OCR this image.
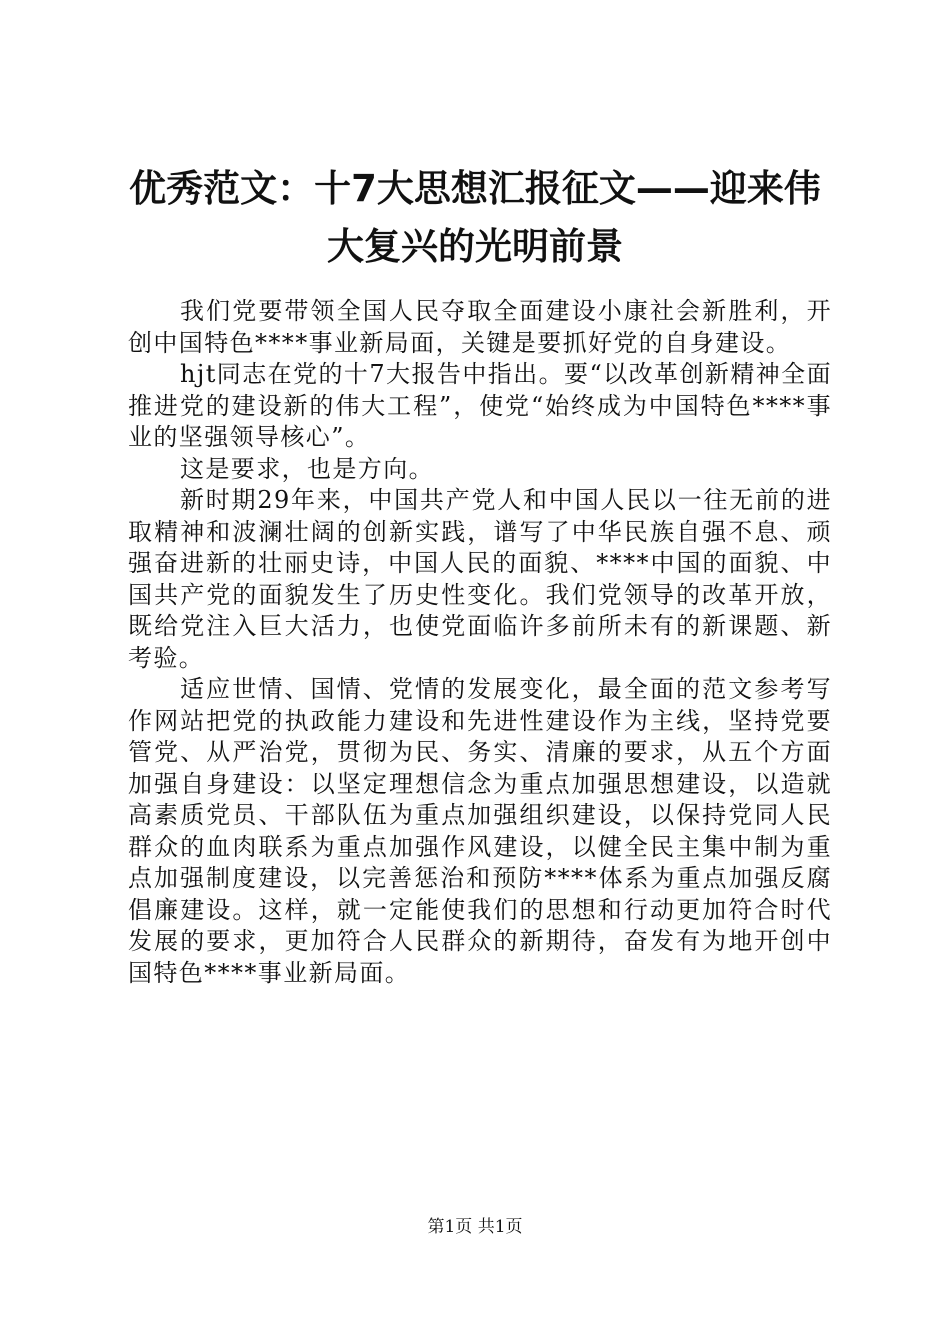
优秀范文：十7大思想汇报征文——迎来伟大复兴的光明前景

我们党要带领全国人民夺取全面建设小康社会新胜利，开创中国特色****事业新局面，关键是要抓好党的自身建设。

hjt同志在党的十7大报告中指出。要“以改革创新精神全面推进党的建设新的伟大工程”，使党“始终成为中国特色****事业的坚强领导核心”。

这是要求，也是方向。

新时期29年来，中国共产党人和中国人民以一往无前的进取精神和波澜壮阔的创新实践，谱写了中华民族自强不息、顽强奋进新的壮丽史诗，中国人民的面貌、****中国的面貌、中国共产党的面貌发生了历史性变化。我们党领导的改革开放，既给党注入巨大活力，也使党面临许多前所未有的新课题、新考验。

适应世情、国情、党情的发展变化，最全面的范文参考写作网站把党的执政能力建设和先进性建设作为主线，坚持党要管党、从严治党，贯彻为民、务实、清廉的要求，从五个方面加强自身建设：以坚定理想信念为重点加强思想建设，以造就高素质党员、干部队伍为重点加强组织建设，以保持党同人民群众的血肉联系为重点加强作风建设，以健全民主集中制为重点加强制度建设，以完善惩治和预防****体系为重点加强反腐倡廉建设。这样，就一定能使我们的思想和行动更加符合时代发展的要求，更加符合人民群众的新期待，奋发有为地开创中国特色****事业新局面。

第1页 共1页
